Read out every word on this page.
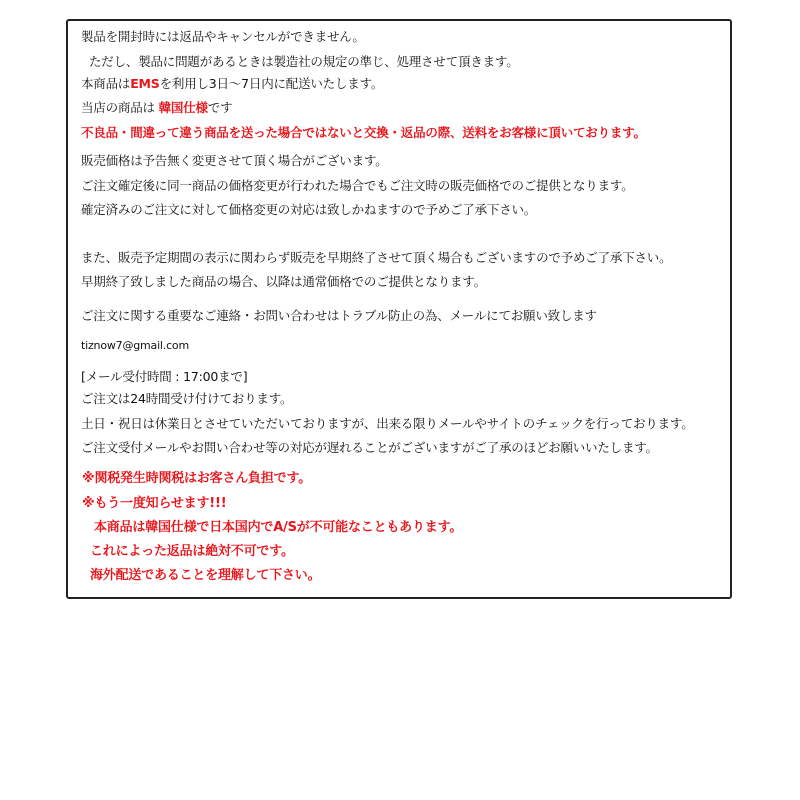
製品を開封時には返品やキャンセルができません。
ただし、製品に問題があるときは製造社の規定の準じ、処理させて頂きます。
本商品はEMSを利用し3日～7日内に配送いたします。
当店の商品は 韓国仕様です
不良品・間違って違う商品を送った場合ではないと交換・返品の際、送料をお客様に頂いております。
販売価格は予告無く変更させて頂く場合がございます。
ご注文確定後に同一商品の価格変更が行われた場合でもご注文時の販売価格でのご提供となります。
確定済みのご注文に対して価格変更の対応は致しかねますので予めご了承下さい。
また、販売予定期間の表示に関わらず販売を早期終了させて頂く場合もございますので予めご了承下さい。
早期終了致しました商品の場合、以降は通常価格でのご提供となります。
ご注文に関する重要なご連絡・お問い合わせはトラブル防止の為、メールにてお願い致します
tiznow7@gmail.com
[メール受付時間 : 17:00まで]
ご注文は24時間受け付けております。
土日・祝日は休業日とさせていただいておりますが、出来る限りメールやサイトのチェックを行っております。
ご注文受付メールやお問い合わせ等の対応が遅れることがございますがご了承のほどお願いいたします。
※関税発生時関税はお客さん負担です。
※もう一度知らせます!!!
本商品は韓国仕様で日本国内でA/Sが不可能なこともあります。
これによった返品は絶対不可です。
海外配送であることを理解して下さい。
